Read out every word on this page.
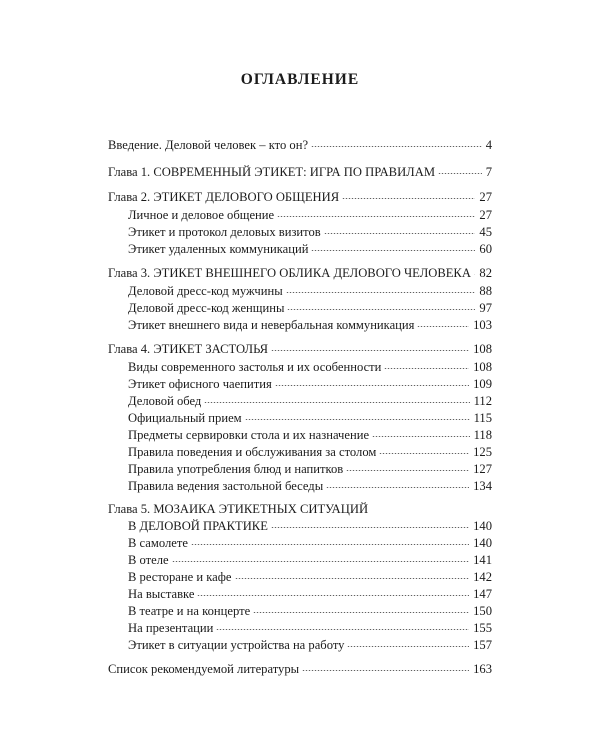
ОГЛАВЛЕНИЕ
Введение. Деловой человек – кто он?	4
Глава 1. СОВРЕМЕННЫЙ ЭТИКЕТ: ИГРА ПО ПРАВИЛАМ	7
Глава 2. ЭТИКЕТ ДЕЛОВОГО ОБЩЕНИЯ	27
Личное и деловое общение	27
Этикет и протокол деловых визитов	45
Этикет удаленных коммуникаций	60
Глава 3. ЭТИКЕТ ВНЕШНЕГО ОБЛИКА ДЕЛОВОГО ЧЕЛОВЕКА 82
Деловой дресс-код мужчины	88
Деловой дресс-код женщины	97
Этикет внешнего вида и невербальная коммуникация	103
Глава 4. ЭТИКЕТ ЗАСТОЛЬЯ	108
Виды современного застолья и их особенности	108
Этикет офисного чаепития	109
Деловой обед	112
Официальный прием	115
Предметы сервировки стола и их назначение	118
Правила поведения и обслуживания за столом	125
Правила употребления блюд и напитков	127
Правила ведения застольной беседы	134
Глава 5. МОЗАИКА ЭТИКЕТНЫХ СИТУАЦИЙ
В ДЕЛОВОЙ ПРАКТИКЕ	140
В самолете	140
В отеле	141
В ресторане и кафе	142
На выставке	147
В театре и на концерте	150
На презентации	155
Этикет в ситуации устройства на работу	157
Список рекомендуемой литературы	163
